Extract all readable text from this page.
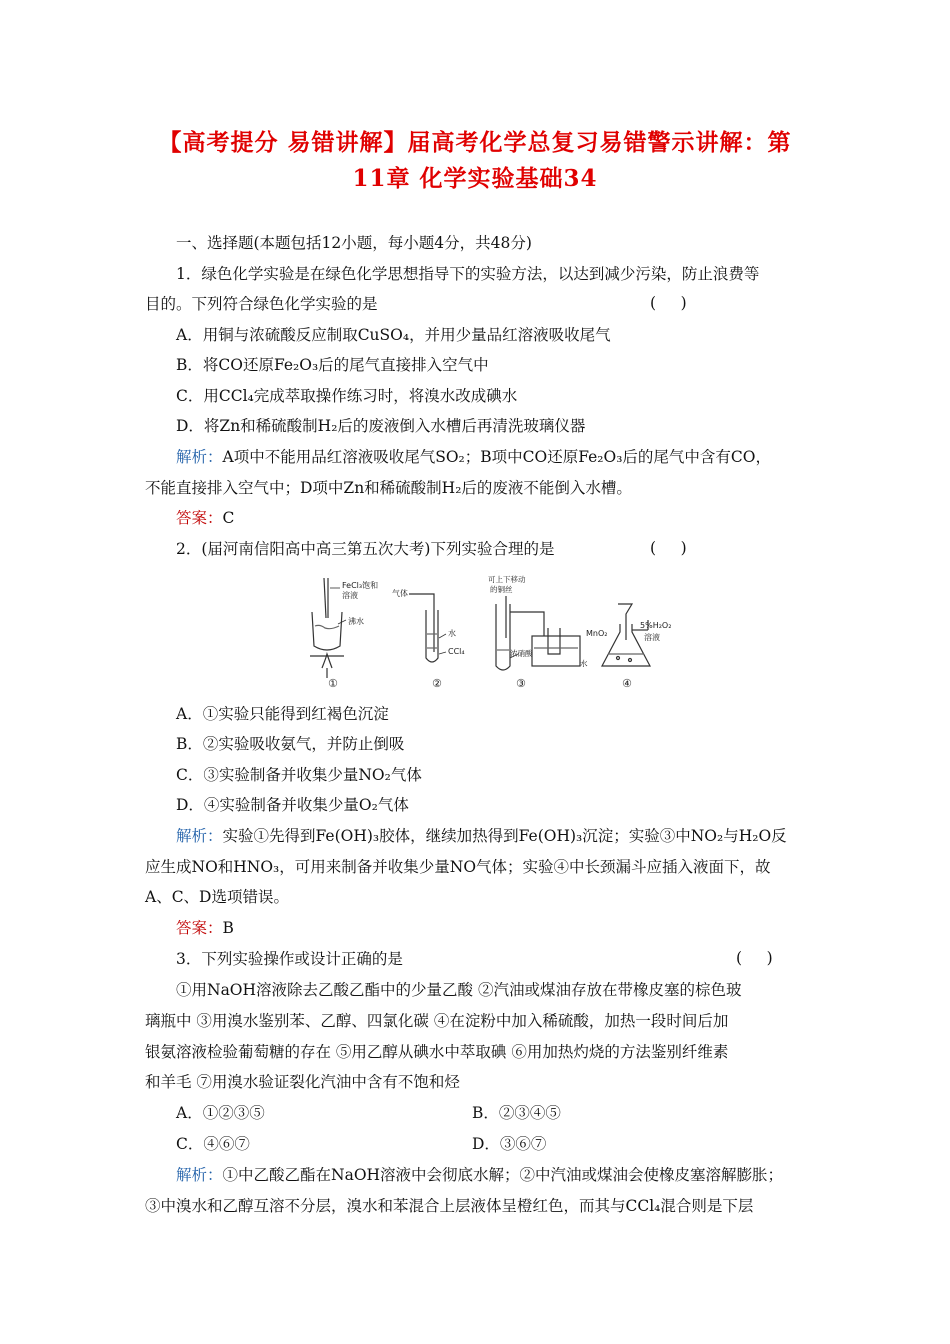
【高考提分 易错讲解】届高考化学总复习易错警示讲解：第
11章 化学实验基础34
一、选择题(本题包括12小题，每小题4分，共48分)
1．绿色化学实验是在绿色化学思想指导下的实验方法，以达到减少污染，防止浪费等
目的。下列符合绿色化学实验的是	(     )
A．用铜与浓硫酸反应制取CuSO₄，并用少量品红溶液吸收尾气
B．将CO还原Fe₂O₃后的尾气直接排入空气中
C．用CCl₄完成萃取操作练习时，将溴水改成碘水
D．将Zn和稀硫酸制H₂后的废液倒入水槽后再清洗玻璃仪器
解析：A项中不能用品红溶液吸收尾气SO₂；B项中CO还原Fe₂O₃后的尾气中含有CO，
不能直接排入空气中；D项中Zn和稀硫酸制H₂后的废液不能倒入水槽。
答案：C
2．(届河南信阳高中高三第五次大考)下列实验合理的是	(     )
FeCl₃饱和
溶液
沸水
①
气体
水
CCl₄
②
可上下移动
的铜丝
浓硝酸
水
③
MnO₂
5%H₂O₂
溶液
④
A．①实验只能得到红褐色沉淀
B．②实验吸收氨气，并防止倒吸
C．③实验制备并收集少量NO₂气体
D．④实验制备并收集少量O₂气体
解析：实验①先得到Fe(OH)₃胶体，继续加热得到Fe(OH)₃沉淀；实验③中NO₂与H₂O反
应生成NO和HNO₃，可用来制备并收集少量NO气体；实验④中长颈漏斗应插入液面下，故
A、C、D选项错误。
答案：B
3．下列实验操作或设计正确的是	(     )
①用NaOH溶液除去乙酸乙酯中的少量乙酸 ②汽油或煤油存放在带橡皮塞的棕色玻
璃瓶中 ③用溴水鉴别苯、乙醇、四氯化碳 ④在淀粉中加入稀硫酸，加热一段时间后加
银氨溶液检验葡萄糖的存在 ⑤用乙醇从碘水中萃取碘 ⑥用加热灼烧的方法鉴别纤维素
和羊毛 ⑦用溴水验证裂化汽油中含有不饱和烃
A．①②③⑤	B．②③④⑤
C．④⑥⑦	D．③⑥⑦
解析：①中乙酸乙酯在NaOH溶液中会彻底水解；②中汽油或煤油会使橡皮塞溶解膨胀；
③中溴水和乙醇互溶不分层，溴水和苯混合上层液体呈橙红色，而其与CCl₄混合则是下层
